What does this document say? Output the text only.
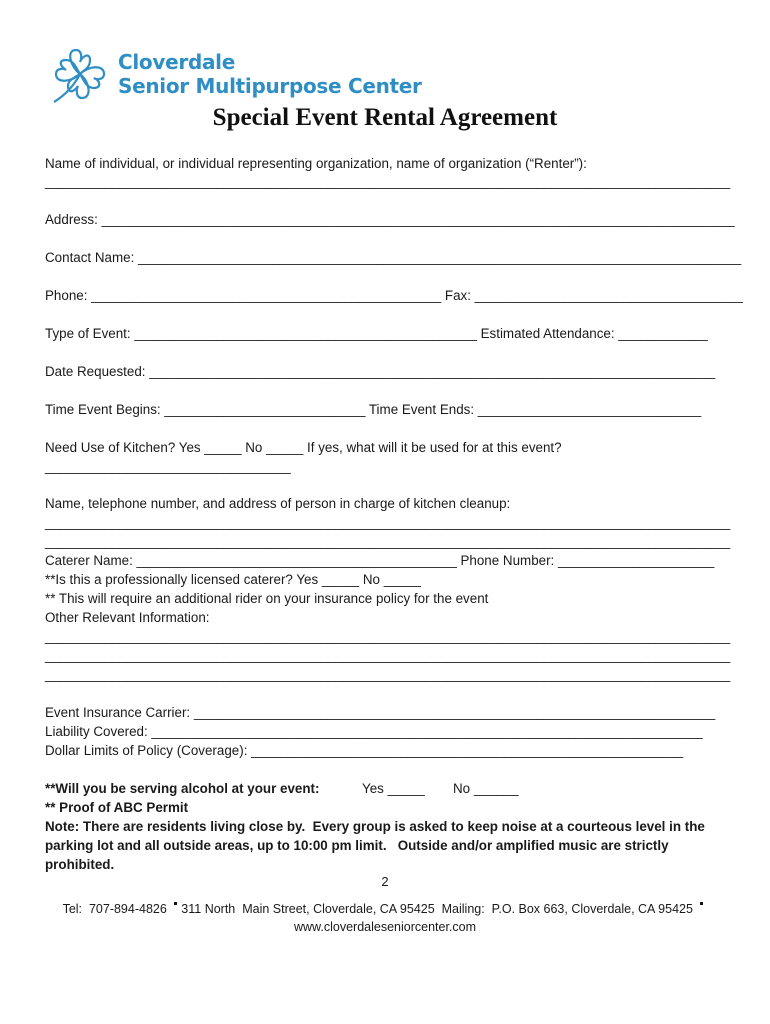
Cloverdale
Senior Multipurpose Center
Special Event Rental Agreement
Name of individual, or individual representing organization, name of organization (“Renter”):
____________________________________________________________________________________________
Address: _____________________________________________________________________________________
Contact Name: _________________________________________________________________________________
Phone: _______________________________________________ Fax: ____________________________________
Type of Event: ______________________________________________ Estimated Attendance: ____________
Date Requested: ____________________________________________________________________________
Time Event Begins: ___________________________ Time Event Ends: ______________________________
Need Use of Kitchen? Yes _____ No _____ If yes, what will it be used for at this event?
_________________________________
Name, telephone number, and address of person in charge of kitchen cleanup:
____________________________________________________________________________________________
____________________________________________________________________________________________
Caterer Name: ___________________________________________ Phone Number: _____________________
**Is this a professionally licensed caterer? Yes _____ No _____
** This will require an additional rider on your insurance policy for the event
Other Relevant Information:
____________________________________________________________________________________________
____________________________________________________________________________________________
____________________________________________________________________________________________
Event Insurance Carrier: ______________________________________________________________________
Liability Covered: __________________________________________________________________________
Dollar Limits of Policy (Coverage): __________________________________________________________
**Will you be serving alcohol at your event:	Yes _____ No ______
** Proof of ABC Permit
Note: There are residents living close by.  Every group is asked to keep noise at a courteous level in the
parking lot and all outside areas, up to 10:00 pm limit.   Outside and/or amplified music are strictly
prohibited.
2
Tel:  707-894-4826 311 North  Main Street, Cloverdale, CA 95425  Mailing:  P.O. Box 663, Cloverdale, CA 95425
www.cloverdaleseniorcenter.com
